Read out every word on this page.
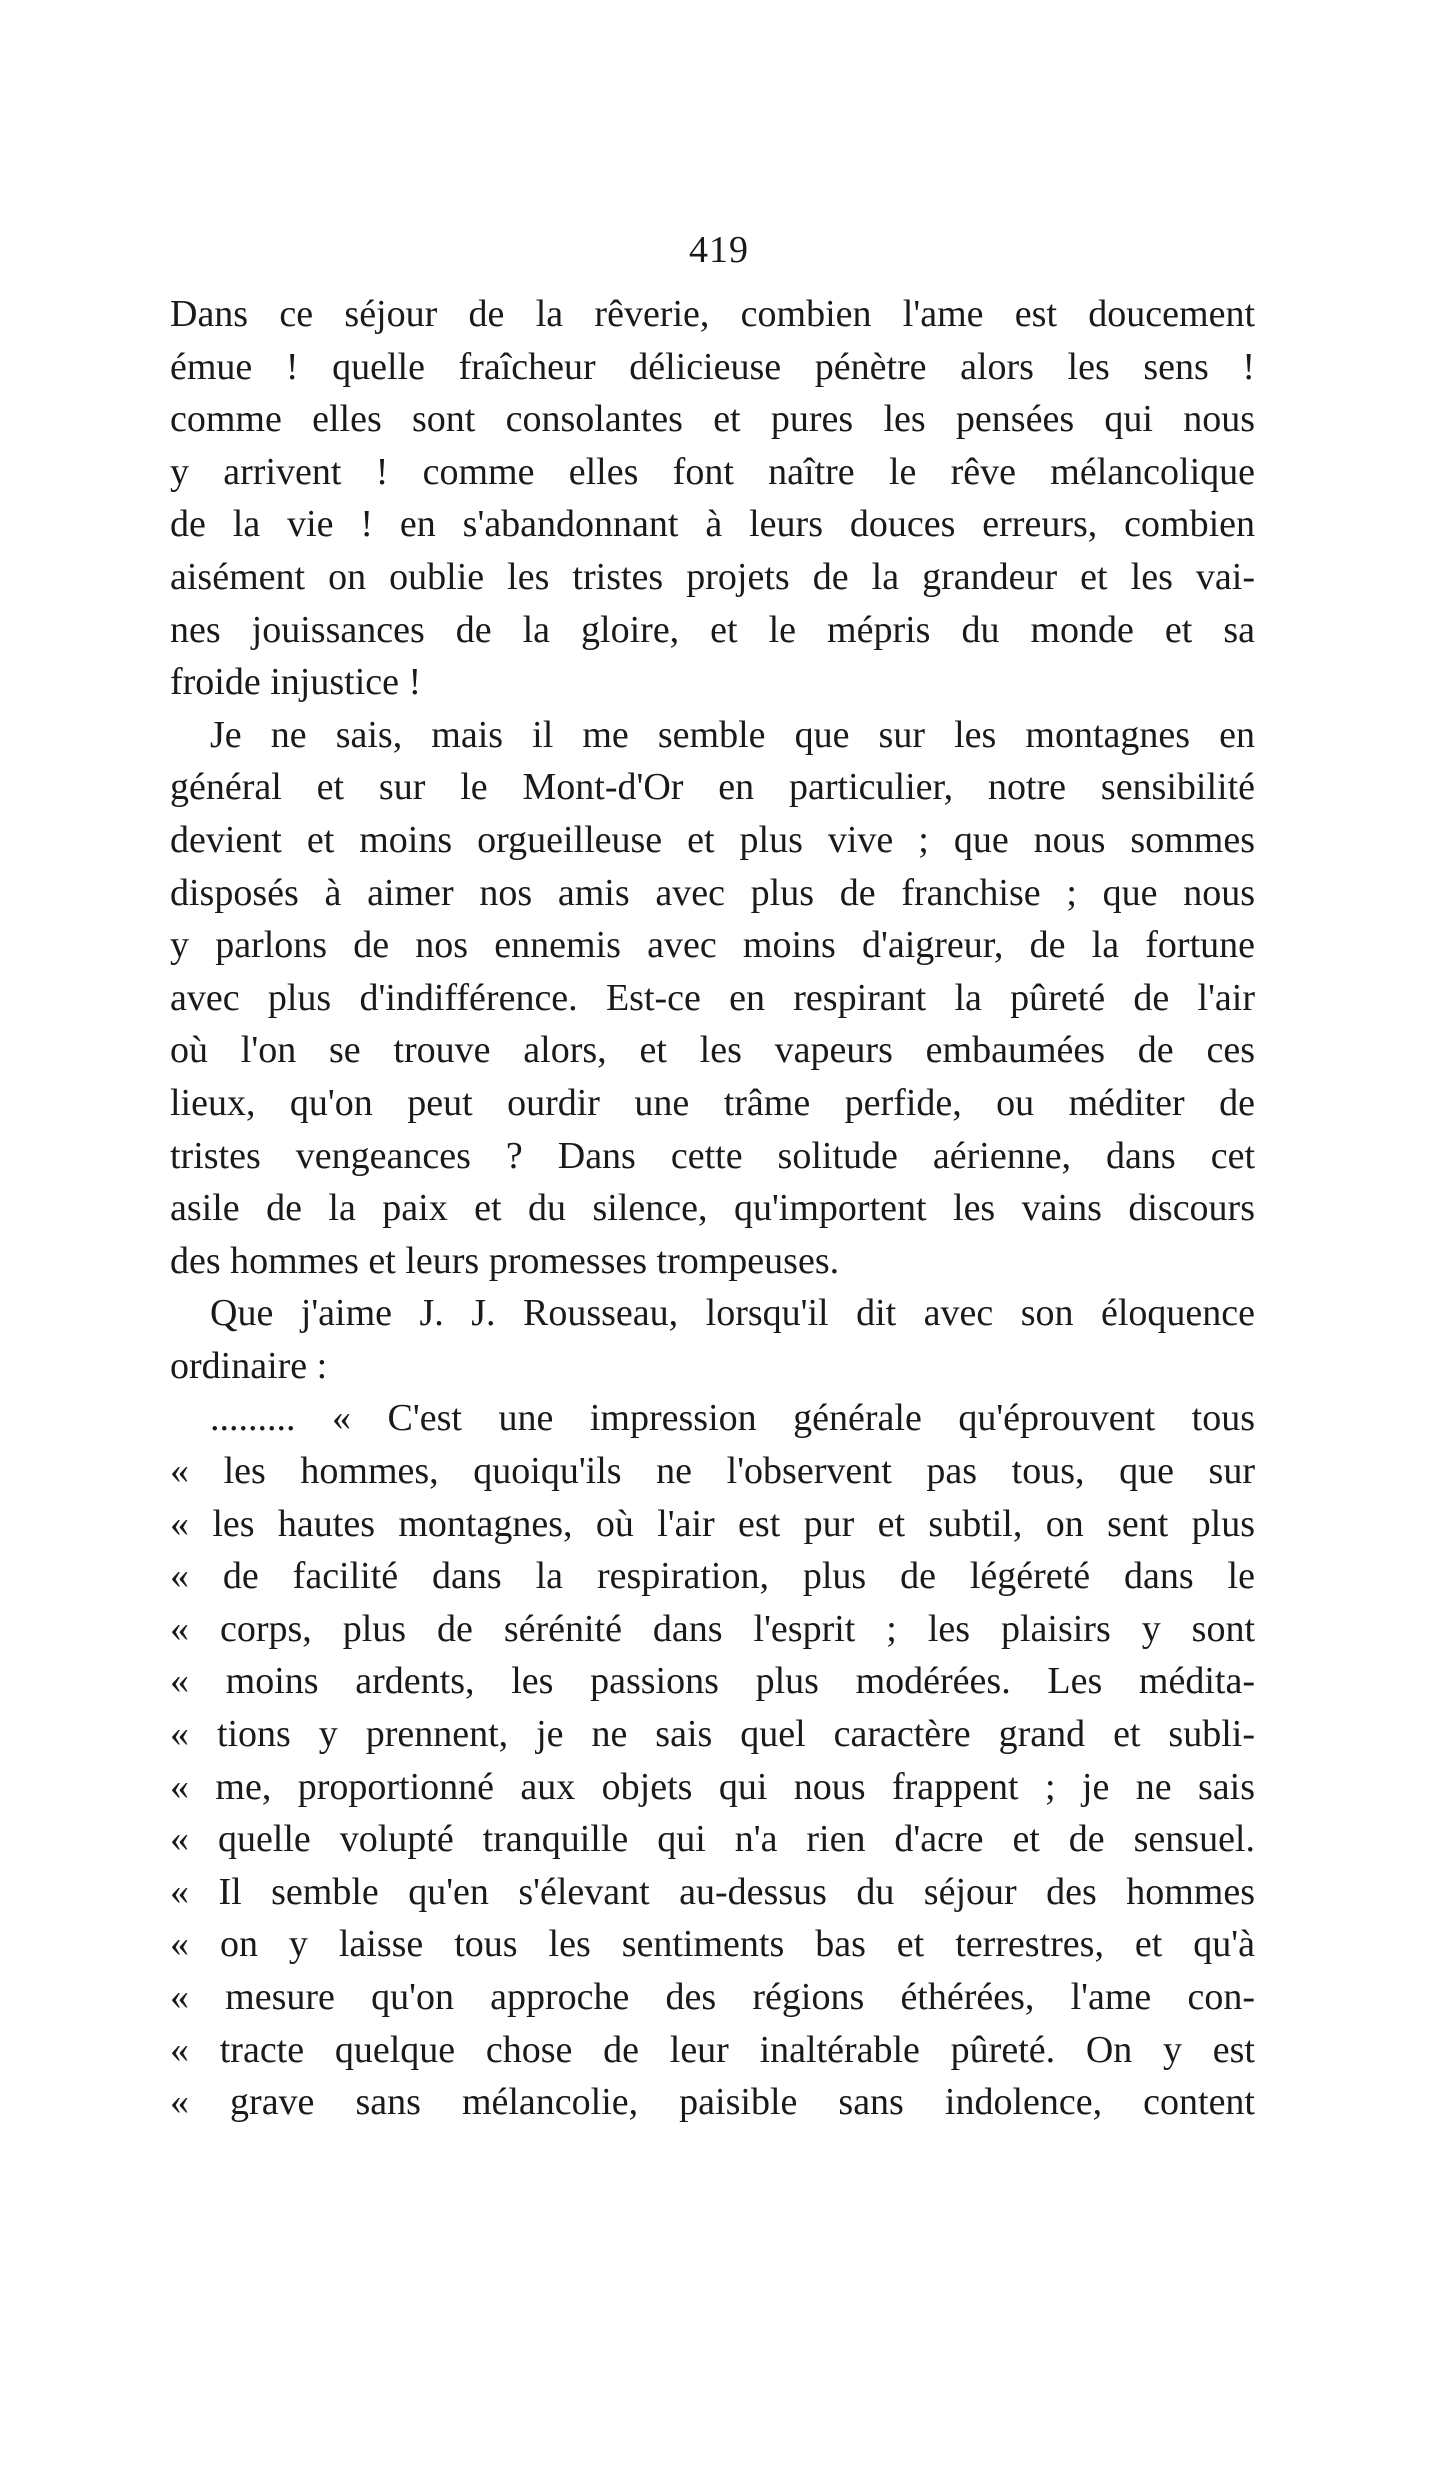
419
Dans ce séjour de la rêverie, combien l'ame est doucement
émue ! quelle fraîcheur délicieuse pénètre alors les sens !
comme elles sont consolantes et pures les pensées qui nous
y arrivent ! comme elles font naître le rêve mélancolique
de la vie ! en s'abandonnant à leurs douces erreurs, combien
aisément on oublie les tristes projets de la grandeur et les vai-
nes jouissances de la gloire, et le mépris du monde et sa
froide injustice !
Je ne sais, mais il me semble que sur les montagnes en
général et sur le Mont-d'Or en particulier, notre sensibilité
devient et moins orgueilleuse et plus vive ; que nous sommes
disposés à aimer nos amis avec plus de franchise ; que nous
y parlons de nos ennemis avec moins d'aigreur, de la fortune
avec plus d'indifférence. Est-ce en respirant la pûreté de l'air
où l'on se trouve alors, et les vapeurs embaumées de ces
lieux, qu'on peut ourdir une trâme perfide, ou méditer de
tristes vengeances ? Dans cette solitude aérienne, dans cet
asile de la paix et du silence, qu'importent les vains discours
des hommes et leurs promesses trompeuses.
Que j'aime J. J. Rousseau, lorsqu'il dit avec son éloquence
ordinaire :
......... « C'est une impression générale qu'éprouvent tous
« les hommes, quoiqu'ils ne l'observent pas tous, que sur
« les hautes montagnes, où l'air est pur et subtil, on sent plus
« de facilité dans la respiration, plus de légéreté dans le
« corps, plus de sérénité dans l'esprit ; les plaisirs y sont
« moins ardents, les passions plus modérées. Les médita-
« tions y prennent, je ne sais quel caractère grand et subli-
« me, proportionné aux objets qui nous frappent ; je ne sais
« quelle volupté tranquille qui n'a rien d'acre et de sensuel.
« Il semble qu'en s'élevant au-dessus du séjour des hommes
« on y laisse tous les sentiments bas et terrestres, et qu'à
« mesure qu'on approche des régions éthérées, l'ame con-
« tracte quelque chose de leur inaltérable pûreté. On y est
« grave sans mélancolie, paisible sans indolence, content
